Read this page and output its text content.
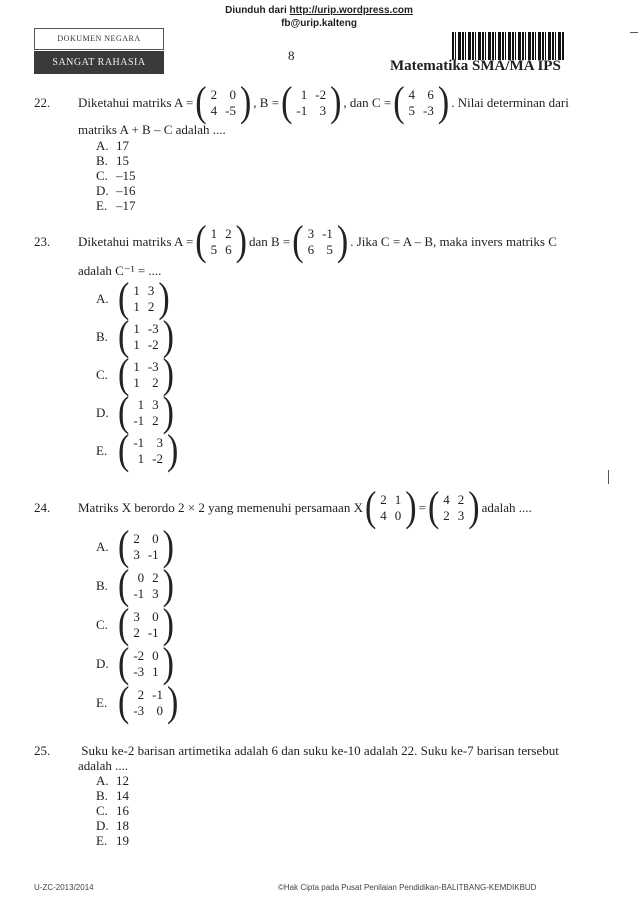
Diunduh dari http://urip.wordpress.com
fb@urip.kalteng
DOKUMEN NEGARA
SANGAT RAHASIA	8
Matematika SMA/MA IPS
22.	Diketahui matriks A = ( 2	0
4	-5 ) , B = ( 1	-2
-1	3 ) , dan C = ( 4	6
5	-3 ) . Nilai determinan dari
matriks A + B – C adalah ....
A. 17
B. 15
C. –15
D. –16
E. –17
23.	Diketahui matriks A = ( 1	2
5	6 ) dan B = ( 3	-1
6	5 ) . Jika C = A – B, maka invers matriks C
adalah C⁻¹ = ....
A. ( 1	3
1	2 )
B. ( 1	-3
1	-2 )
C. ( 1	-3
1	2 )
D. ( 1	3
-1	2 )
E. ( -1	3
1	-2 )
24.	Matriks X berordo 2 × 2 yang memenuhi persamaan X ( 2	1
4	0 ) = ( 4	2
2	3 ) adalah ....
A. ( 2	0
3	-1 )
B. ( 0	2
-1	3 )
C. ( 3	0
2	-1 )
D. ( -2	0
-3	1 )
E. ( 2	-1
-3	0 )
25. Suku ke-2 barisan artimetika adalah 6 dan suku ke-10 adalah 22. Suku ke-7 barisan tersebut
adalah ....
A. 12
B. 14
C. 16
D. 18
E. 19
U-ZC-2013/2014	©Hak Cipta pada Pusat Penilaian Pendidikan-BALITBANG-KEMDIKBUD
